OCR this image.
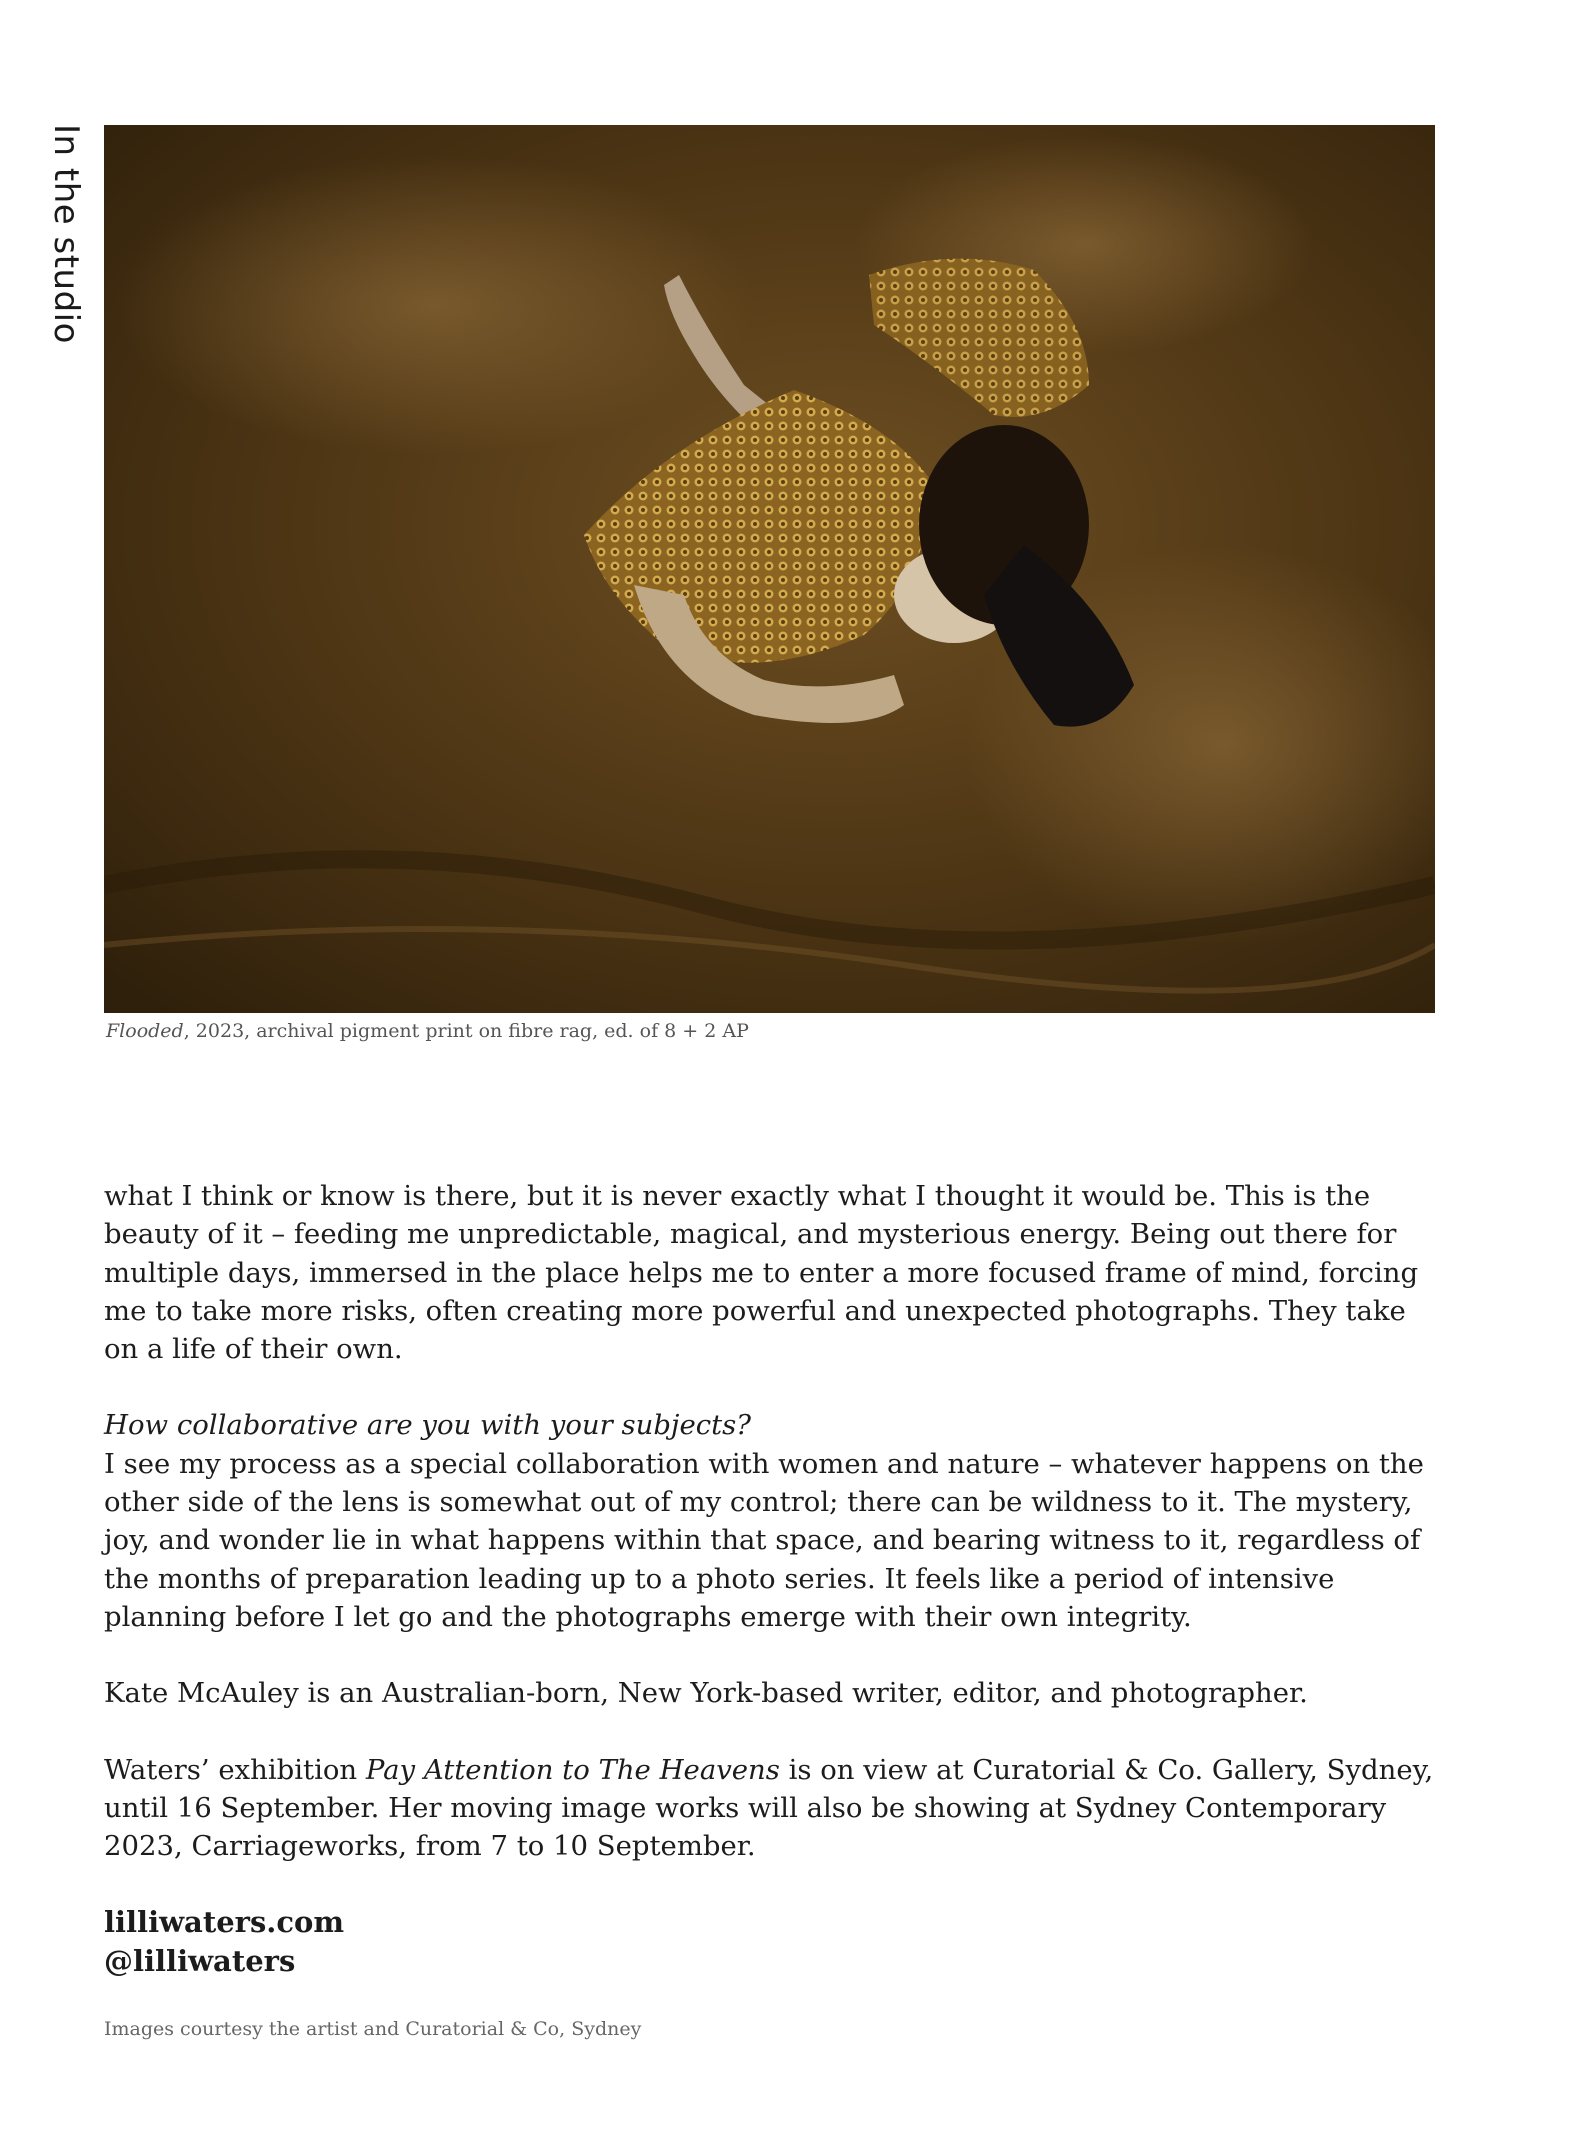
In the studio
Flooded, 2023, archival pigment print on fibre rag, ed. of 8 + 2 AP

what I think or know is there, but it is never exactly what I thought it would be. This is the beauty of it – feeding me unpredictable, magical, and mysterious energy. Being out there for multiple days, immersed in the place helps me to enter a more focused frame of mind, forcing me to take more risks, often creating more powerful and unexpected photographs. They take on a life of their own.

How collaborative are you with your subjects?

I see my process as a special collaboration with women and nature – whatever happens on the other side of the lens is somewhat out of my control; there can be wildness to it. The mystery, joy, and wonder lie in what happens within that space, and bearing witness to it, regardless of the months of preparation leading up to a photo series. It feels like a period of intensive planning before I let go and the photographs emerge with their own integrity.

Kate McAuley is an Australian-born, New York-based writer, editor, and photographer.

Waters’ exhibition Pay Attention to The Heavens is on view at Curatorial & Co. Gallery, Sydney, until 16 September. Her moving image works will also be showing at Sydney Contemporary 2023, Carriageworks, from 7 to 10 September.

lilliwaters.com

@lilliwaters

Images courtesy the artist and Curatorial & Co, Sydney
